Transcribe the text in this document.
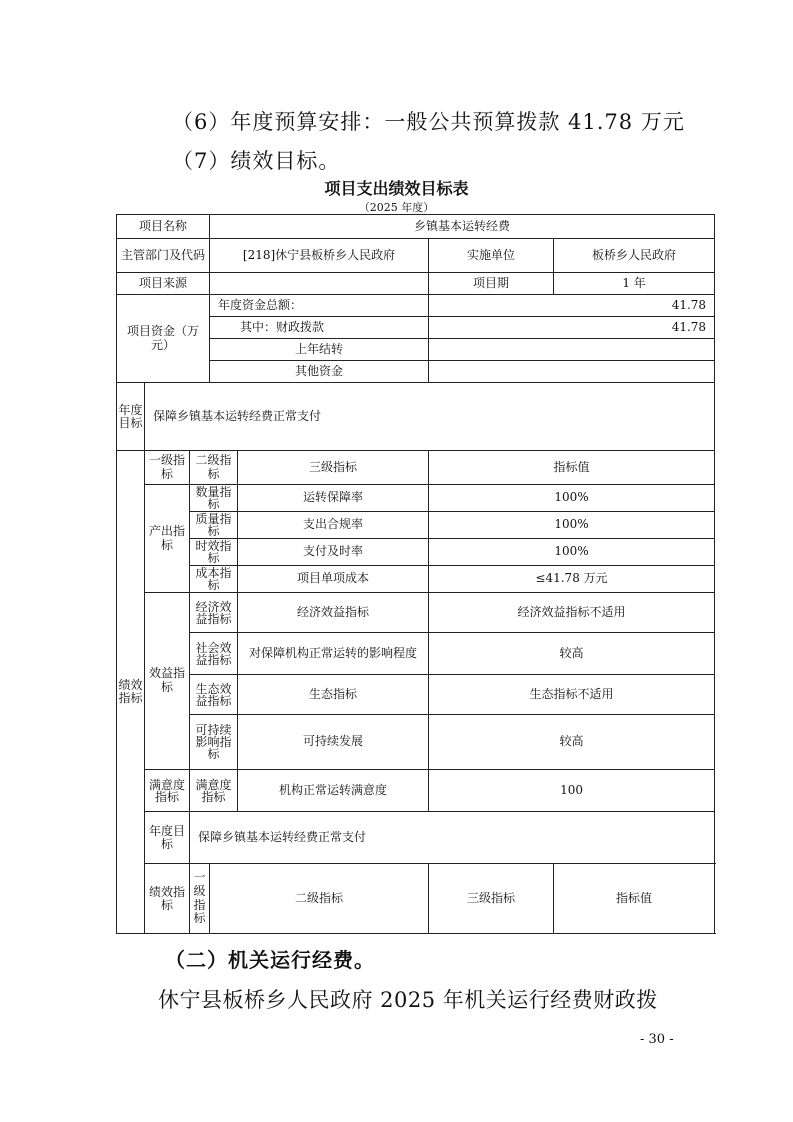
（6）年度预算安排：一般公共预算拨款 41.78 万元
（7）绩效目标。
项目支出绩效目标表
（2025 年度）
项目名称			乡镇基本运转经费			
主管部门及代码			[218]休宁县板桥乡人民政府		实施单位	板桥乡人民政府
项目来源					项目期	1 年
项目资金（万元）			年度资金总额：		41.78	
			其中：财政拨款		41.78	
			上年结转			
			其他资金			
年度目标	保障乡镇基本运转经费正常支付					
绩效指标	一级指标	二级指标		三级指标	指标值	
	产出指标	数量指标		运转保障率	100%	
		质量指标		支出合规率	100%	
		时效指标		支付及时率	100%	
		成本指标		项目单项成本	≤41.78 万元	
	效益指标	经济效益指标		经济效益指标	经济效益指标不适用	
		社会效益指标		对保障机构正常运转的影响程度	较高	
		生态效益指标		生态指标	生态指标不适用	
		可持续影响指标		可持续发展	较高	
	满意度指标	满意度指标		机构正常运转满意度	100	
	年度目标	保障乡镇基本运转经费正常支付				
	绩效指标	一级指标	二级指标		三级指标	指标值
（二）机关运行经费。
休宁县板桥乡人民政府 2025 年机关运行经费财政拨
- 30 -
